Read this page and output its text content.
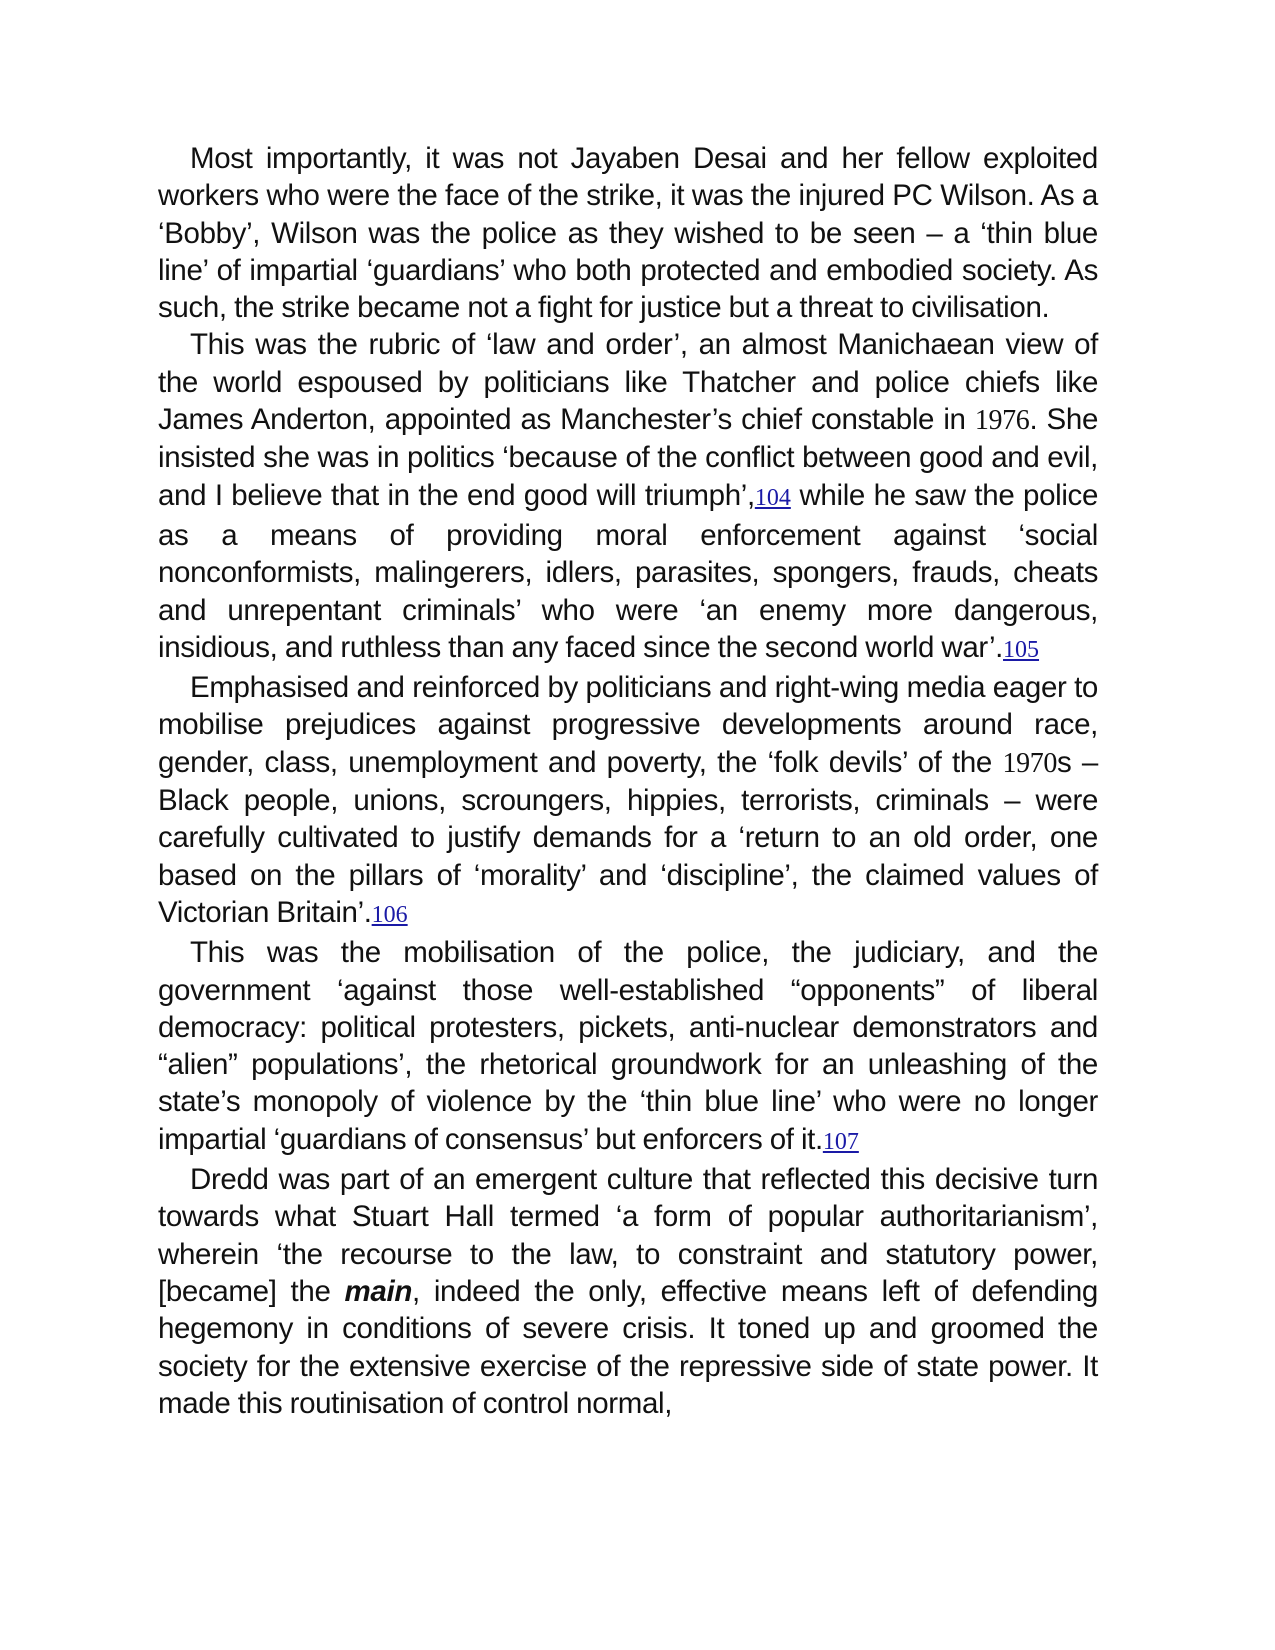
Most importantly, it was not Jayaben Desai and her fellow exploited workers who were the face of the strike, it was the injured PC Wilson. As a ‘Bobby’, Wilson was the police as they wished to be seen – a ‘thin blue line’ of impartial ‘guardians’ who both protected and embodied society. As such, the strike became not a fight for justice but a threat to civilisation.

This was the rubric of ‘law and order’, an almost Manichaean view of the world espoused by politicians like Thatcher and police chiefs like James Anderton, appointed as Manchester’s chief constable in 1976. She insisted she was in politics ‘because of the conflict between good and evil, and I believe that in the end good will triumph’,104 while he saw the police as a means of providing moral enforcement against ‘social nonconformists, malingerers, idlers, parasites, spongers, frauds, cheats and unrepentant criminals’ who were ‘an enemy more dangerous, insidious, and ruthless than any faced since the second world war’.105

Emphasised and reinforced by politicians and right-wing media eager to mobilise prejudices against progressive developments around race, gender, class, unemployment and poverty, the ‘folk devils’ of the 1970s – Black people, unions, scroungers, hippies, terrorists, criminals – were carefully cultivated to justify demands for a ‘return to an old order, one based on the pillars of ‘morality’ and ‘discipline’, the claimed values of Victorian Britain’.106

This was the mobilisation of the police, the judiciary, and the government ‘against those well-established “opponents” of liberal democracy: political protesters, pickets, anti-nuclear demonstrators and “alien” populations’, the rhetorical groundwork for an unleashing of the state’s monopoly of violence by the ‘thin blue line’ who were no longer impartial ‘guardians of consensus’ but enforcers of it.107

Dredd was part of an emergent culture that reflected this decisive turn towards what Stuart Hall termed ‘a form of popular authoritarianism’, wherein ‘the recourse to the law, to constraint and statutory power, [became] the main, indeed the only, effective means left of defending hegemony in conditions of severe crisis. It toned up and groomed the society for the extensive exercise of the repressive side of state power. It made this routinisation of control normal,
